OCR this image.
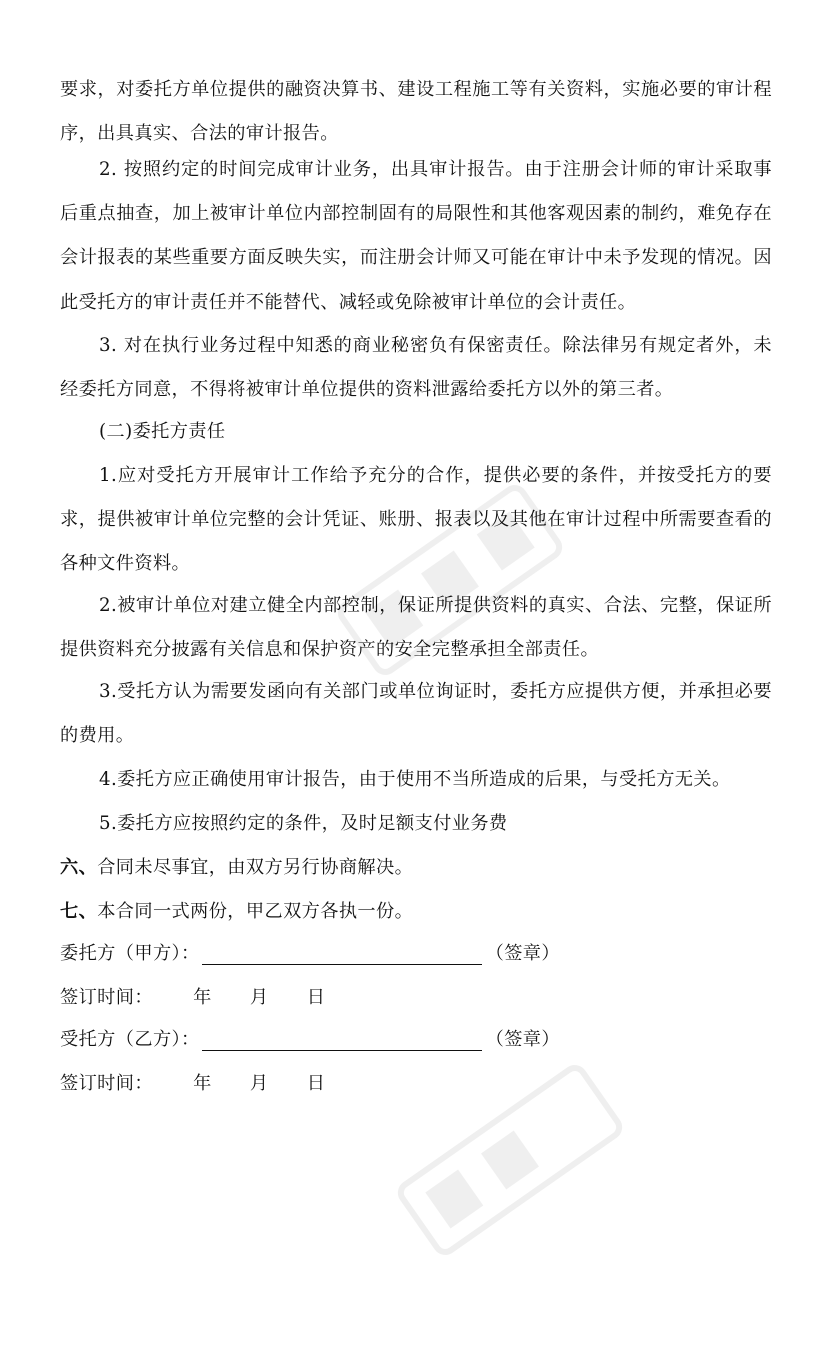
要求，对委托方单位提供的融资决算书、建设工程施工等有关资料，实施必要的审计程序，出具真实、合法的审计报告。

2. 按照约定的时间完成审计业务，出具审计报告。由于注册会计师的审计采取事后重点抽查，加上被审计单位内部控制固有的局限性和其他客观因素的制约，难免存在会计报表的某些重要方面反映失实，而注册会计师又可能在审计中未予发现的情况。因此受托方的审计责任并不能替代、减轻或免除被审计单位的会计责任。

3. 对在执行业务过程中知悉的商业秘密负有保密责任。除法律另有规定者外，未经委托方同意，不得将被审计单位提供的资料泄露给委托方以外的第三者。

(二)委托方责任

1.应对受托方开展审计工作给予充分的合作，提供必要的条件，并按受托方的要求，提供被审计单位完整的会计凭证、账册、报表以及其他在审计过程中所需要查看的各种文件资料。

2.被审计单位对建立健全内部控制，保证所提供资料的真实、合法、完整，保证所提供资料充分披露有关信息和保护资产的安全完整承担全部责任。

3.受托方认为需要发函向有关部门或单位询证时，委托方应提供方便，并承担必要的费用。

4.委托方应正确使用审计报告，由于使用不当所造成的后果，与受托方无关。

5.委托方应按照约定的条件，及时足额支付业务费

六、合同未尽事宜，由双方另行协商解决。

七、本合同一式两份，甲乙双方各执一份。

委托方（甲方）：	（签章）
签订时间： 年 月 日
受托方（乙方）：	（签章）
签订时间： 年 月 日
